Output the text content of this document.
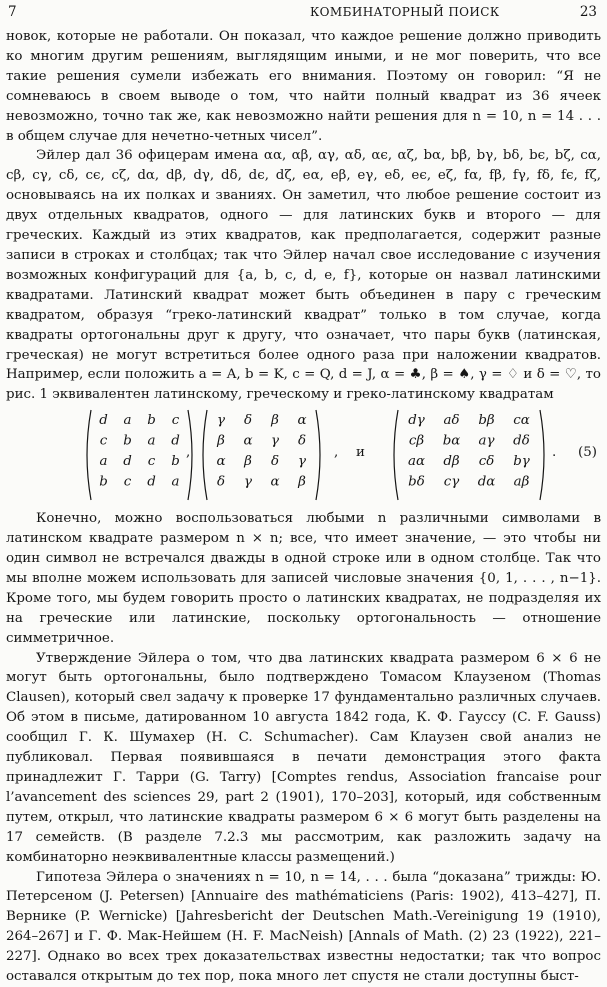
7	КОМБИНАТОРНЫЙ ПОИСК	23

новок, которые не работали. Он показал, что каждое решение должно приводить ко многим другим решениям, выглядящим иными, и не мог поверить, что все такие решения сумели избежать его внимания. Поэтому он говорил: “Я не сомневаюсь в своем выводе о том, что найти полный квадрат из 36 ячеек невозможно, точно так же, как невозможно найти решения для n = 10, n = 14 . . . в общем случае для нечетно-четных чисел”.

Эйлер дал 36 офицерам имена αα, αβ, αγ, αδ, αϵ, αζ, bα, bβ, bγ, bδ, bϵ, bζ, cα, cβ, cγ, cδ, cϵ, cζ, dα, dβ, dγ, dδ, dϵ, dζ, eα, eβ, eγ, eδ, eϵ, eζ, fα, fβ, fγ, fδ, fϵ, fζ, основываясь на их полках и званиях. Он заметил, что любое решение состоит из двух отдельных квадратов, одного — для латинских букв и второго — для греческих. Каждый из этих квадратов, как предполагается, содержит разные записи в строках и столбцах; так что Эйлер начал свое исследование с изучения возможных конфигураций для {a, b, c, d, e, f}, которые он назвал латинскими квадратами. Латинский квадрат может быть объединен в пару с греческим квадратом, образуя “греко-латинский квадрат” только в том случае, когда квадраты ортогональны друг к другу, что означает, что пары букв (латинская, греческая) не могут встретиться более одного раза при наложении квадратов. Например, если положить a = A, b = K, c = Q, d = J, α = ♣, β = ♠, γ = ♢ и δ = ♡, то рис. 1 эквивалентен латинскому, греческому и греко-латинскому квадратам

d a b c
c b a d
a d c b
b c d a
γ δ β α
β α γ δ
α β δ γ
δ γ α β
,	, и
dγ aδ bβ cα
cβ bα aγ dδ
aα dβ cδ bγ
bδ cγ dα aβ
. (5)

Конечно, можно воспользоваться любыми n различными символами в латинском квадрате размером n × n; все, что имеет значение, — это чтобы ни один символ не встречался дважды в одной строке или в одном столбце. Так что мы вполне можем использовать для записей числовые значения {0, 1, . . . , n−1}. Кроме того, мы будем говорить просто о латинских квадратах, не подразделяя их на греческие или латинские, поскольку ортогональность — отношение симметричное.

Утверждение Эйлера о том, что два латинских квадрата размером 6 × 6 не могут быть ортогональны, было подтверждено Томасом Клаузеном (Thomas Clausen), который свел задачу к проверке 17 фундаментально различных случаев. Об этом в письме, датированном 10 августа 1842 года, К. Ф. Гауссу (C. F. Gauss) сообщил Г. К. Шумахер (H. C. Schumacher). Сам Клаузен свой анализ не публиковал. Первая появившаяся в печати демонстрация этого факта принадлежит Г. Тарри (G. Tarry) [Comptes rendus, Association francaise pour l’avancement des sciences 29, part 2 (1901), 170–203], который, идя собственным путем, открыл, что латинские квадраты размером 6 × 6 могут быть разделены на 17 семейств. (В разделе 7.2.3 мы рассмотрим, как разложить задачу на комбинаторно неэквивалентные классы размещений.)

Гипотеза Эйлера о значениях n = 10, n = 14, . . . была “доказана” трижды: Ю. Петерсеном (J. Petersen) [Annuaire des mathématiciens (Paris: 1902), 413–427], П. Вернике (P. Wernicke) [Jahresbericht der Deutschen Math.-Vereinigung 19 (1910), 264–267] и Г. Ф. Мак-Нейшем (H. F. MacNeish) [Annals of Math. (2) 23 (1922), 221–227]. Однако во всех трех доказательствах известны недостатки; так что вопрос оставался открытым до тех пор, пока много лет спустя не стали доступны быст-
